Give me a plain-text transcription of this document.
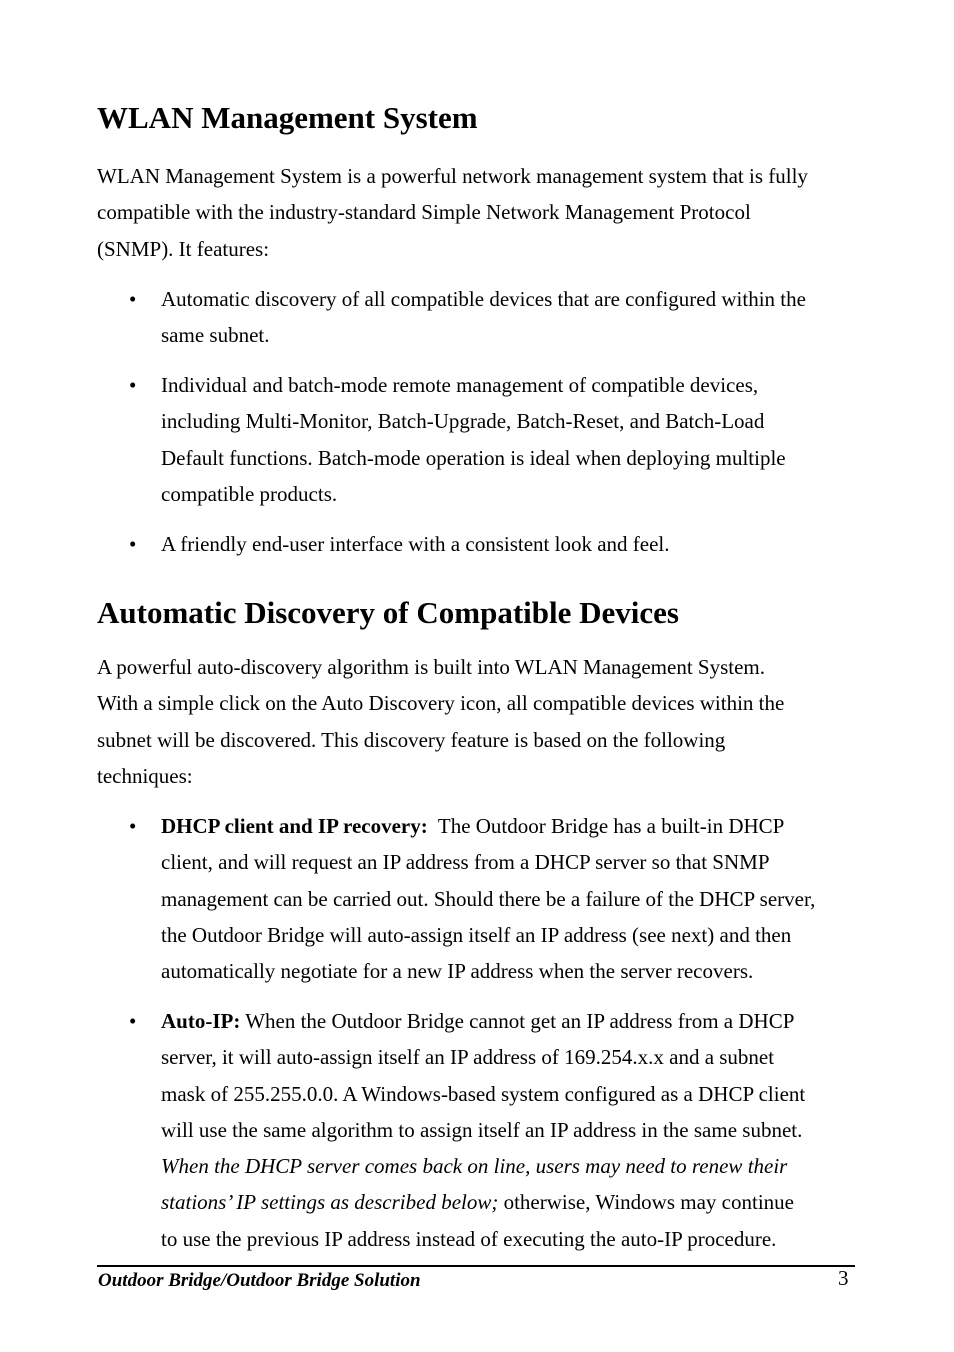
WLAN Management System

WLAN Management System is a powerful network management system that is fully
compatible with the industry-standard Simple Network Management Protocol
(SNMP). It features:

• Automatic discovery of all compatible devices that are configured within the
same subnet.

• Individual and batch-mode remote management of compatible devices,
including Multi-Monitor, Batch-Upgrade, Batch-Reset, and Batch-Load
Default functions. Batch-mode operation is ideal when deploying multiple
compatible products.

• A friendly end-user interface with a consistent look and feel.

Automatic Discovery of Compatible Devices

A powerful auto-discovery algorithm is built into WLAN Management System.
With a simple click on the Auto Discovery icon, all compatible devices within the
subnet will be discovered. This discovery feature is based on the following
techniques:

• DHCP client and IP recovery:  The Outdoor Bridge has a built-in DHCP
client, and will request an IP address from a DHCP server so that SNMP
management can be carried out. Should there be a failure of the DHCP server,
the Outdoor Bridge will auto-assign itself an IP address (see next) and then
automatically negotiate for a new IP address when the server recovers.

• Auto-IP: When the Outdoor Bridge cannot get an IP address from a DHCP
server, it will auto-assign itself an IP address of 169.254.x.x and a subnet
mask of 255.255.0.0. A Windows-based system configured as a DHCP client
will use the same algorithm to assign itself an IP address in the same subnet.
When the DHCP server comes back on line, users may need to renew their
stations’ IP settings as described below; otherwise, Windows may continue
to use the previous IP address instead of executing the auto-IP procedure.

Outdoor Bridge/Outdoor Bridge Solution	3
